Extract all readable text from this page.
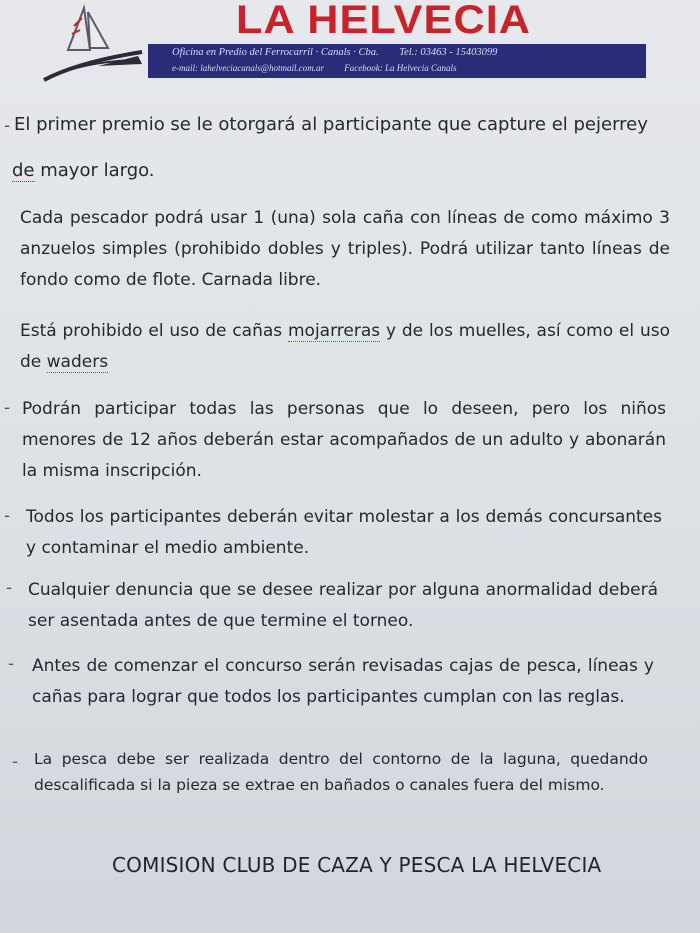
LA HELVECIA
Oficina en Predio del Ferrocarril · Canals · Cba. Tel.: 03463 - 15403099
e-mail: lahelveciacanals@hotmail.com.ar Facebook: La Helvecia Canals
- El primer premio se le otorgará al participante que capture el pejerrey
de mayor largo.
Cada pescador podrá usar 1 (una) sola caña con líneas de como máximo 3 anzuelos simples (prohibido dobles y triples). Podrá utilizar tanto líneas de fondo como de flote. Carnada libre.
Está prohibido el uso de cañas mojarreras y de los muelles, así como el uso de waders
- Podrán participar todas las personas que lo deseen, pero los niños menores de 12 años deberán estar acompañados de un adulto y abonarán la misma inscripción.
- Todos los participantes deberán evitar molestar a los demás concursantes y contaminar el medio ambiente.
- Cualquier denuncia que se desee realizar por alguna anormalidad deberá ser asentada antes de que termine el torneo.
- Antes de comenzar el concurso serán revisadas cajas de pesca, líneas y cañas para lograr que todos los participantes cumplan con las reglas.
- La pesca debe ser realizada dentro del contorno de la laguna, quedando descalificada si la pieza se extrae en bañados o canales fuera del mismo.
COMISION CLUB DE CAZA Y PESCA LA HELVECIA
